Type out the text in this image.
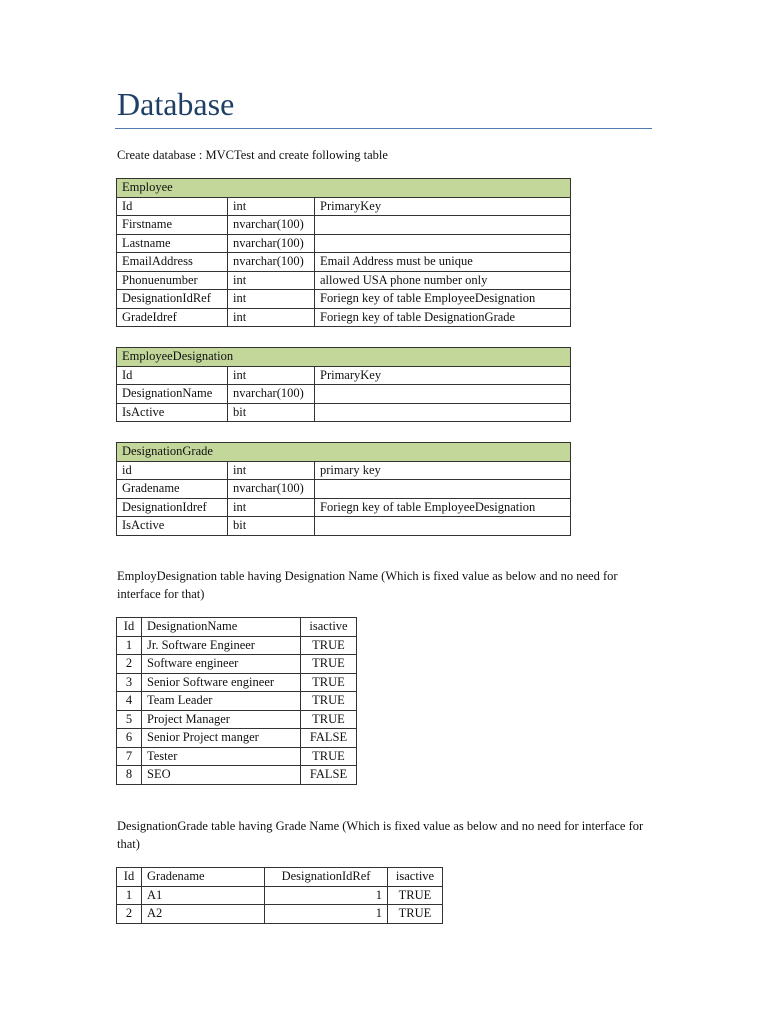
Database

Create database : MVCTest and create following table

Employee		
Id	int	PrimaryKey
Firstname	nvarchar(100)	
Lastname	nvarchar(100)	
EmailAddress	nvarchar(100)	Email Address must be unique
Phonuenumber	int	allowed USA phone number only
DesignationIdRef	int	Foriegn key of table EmployeeDesignation
GradeIdref	int	Foriegn key of table DesignationGrade
EmployeeDesignation		
Id	int	PrimaryKey
DesignationName	nvarchar(100)	
IsActive	bit	
DesignationGrade		
id	int	primary key
Gradename	nvarchar(100)	
DesignationIdref	int	Foriegn key of table EmployeeDesignation
IsActive	bit	

EmployDesignation table having Designation Name (Which is fixed value as below and no need for interface for that)

Id	DesignationName	isactive
1	Jr. Software Engineer	TRUE
2	Software engineer	TRUE
3	Senior Software engineer	TRUE
4	Team Leader	TRUE
5	Project Manager	TRUE
6	Senior Project manger	FALSE
7	Tester	TRUE
8	SEO	FALSE

DesignationGrade table having Grade Name (Which is fixed value as below and no need for interface for that)

Id	Gradename	DesignationIdRef	isactive
1	A1	1	TRUE
2	A2	1	TRUE
